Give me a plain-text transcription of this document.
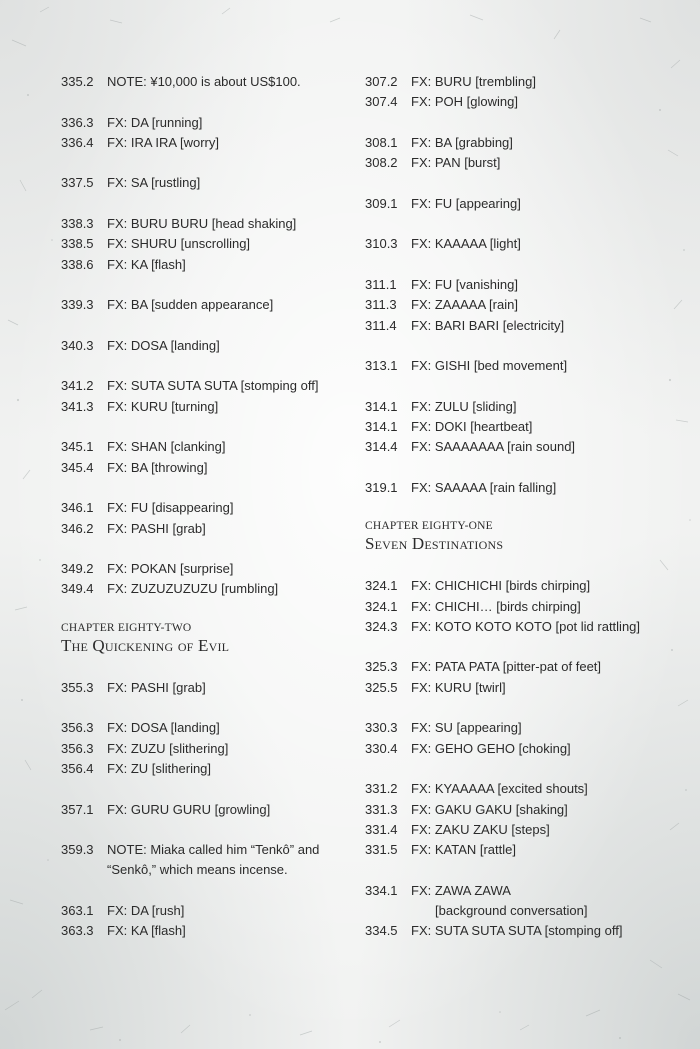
335.2	NOTE: ¥10,000 is about US$100.
336.3	FX: DA [running]
336.4	FX: IRA IRA [worry]
337.5	FX: SA [rustling]
338.3	FX: BURU BURU [head shaking]
338.5	FX: SHURU [unscrolling]
338.6	FX: KA [flash]
339.3	FX: BA [sudden appearance]
340.3	FX: DOSA [landing]
341.2	FX: SUTA SUTA SUTA [stomping off]
341.3	FX: KURU [turning]
345.1	FX: SHAN [clanking]
345.4	FX: BA [throwing]
346.1	FX: FU [disappearing]
346.2	FX: PASHI [grab]
349.2	FX: POKAN [surprise]
349.4	FX: ZUZUZUZUZU [rumbling]
CHAPTER EIGHTY-TWO
The Quickening of Evil
355.3	FX: PASHI [grab]
356.3	FX: DOSA [landing]
356.3	FX: ZUZU [slithering]
356.4	FX: ZU [slithering]
357.1	FX: GURU GURU [growling]
359.3	NOTE: Miaka called him “Tenkô” and
“Senkô,” which means incense.
363.1	FX: DA [rush]
363.3	FX: KA [flash]
307.2	FX: BURU [trembling]
307.4	FX: POH [glowing]
308.1	FX: BA [grabbing]
308.2	FX: PAN [burst]
309.1	FX: FU [appearing]
310.3	FX: KAAAAA [light]
311.1	FX: FU [vanishing]
311.3	FX: ZAAAAA [rain]
311.4	FX: BARI BARI [electricity]
313.1	FX: GISHI [bed movement]
314.1	FX: ZULU [sliding]
314.1	FX: DOKI [heartbeat]
314.4	FX: SAAAAAAA [rain sound]
319.1	FX: SAAAAA [rain falling]
CHAPTER EIGHTY-ONE
Seven Destinations
324.1	FX: CHICHICHI [birds chirping]
324.1	FX: CHICHI… [birds chirping]
324.3	FX: KOTO KOTO KOTO [pot lid rattling]
325.3	FX: PATA PATA [pitter-pat of feet]
325.5	FX: KURU [twirl]
330.3	FX: SU [appearing]
330.4	FX: GEHO GEHO [choking]
331.2	FX: KYAAAAA [excited shouts]
331.3	FX: GAKU GAKU [shaking]
331.4	FX: ZAKU ZAKU [steps]
331.5	FX: KATAN [rattle]
334.1	FX: ZAWA ZAWA
[background conversation]
334.5	FX: SUTA SUTA SUTA [stomping off]
